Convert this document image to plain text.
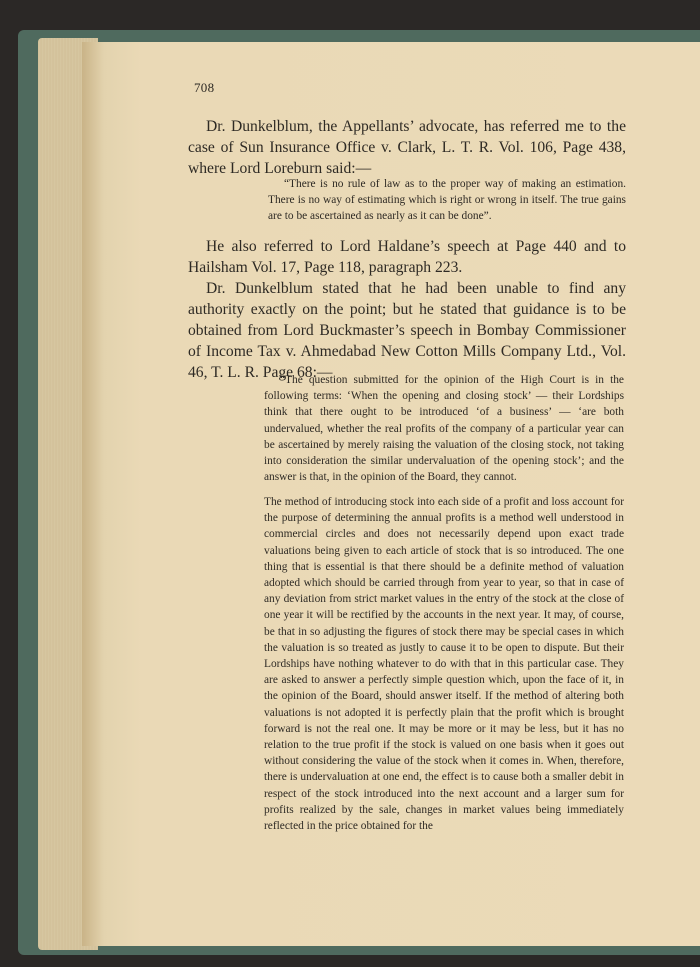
708

Dr. Dunkelblum, the Appellants’ advocate, has referred me to the case of Sun Insurance Office v. Clark, L. T. R. Vol. 106, Page 438, where Lord Loreburn said:—

“There is no rule of law as to the proper way of making an estimation. There is no way of estimating which is right or wrong in itself. The true gains are to be ascertained as nearly as it can be done”.

He also referred to Lord Haldane’s speech at Page 440 and to Hailsham Vol. 17, Page 118, paragraph 223.

Dr. Dunkelblum stated that he had been unable to find any authority exactly on the point; but he stated that guidance is to be obtained from Lord Buckmaster’s speech in Bombay Commissioner of Income Tax v. Ahmedabad New Cotton Mills Company Ltd., Vol. 46, T. L. R. Page 68:—

“The question submitted for the opinion of the High Court is in the following terms: ‘When the opening and closing stock’ — their Lordships think that there ought to be introduced ‘of a business’ — ‘are both undervalued, whether the real profits of the company of a particular year can be ascertained by merely raising the valuation of the closing stock, not taking into consideration the similar undervaluation of the opening stock’; and the answer is that, in the opinion of the Board, they cannot.

The method of introducing stock into each side of a profit and loss account for the purpose of determining the annual profits is a method well understood in commercial circles and does not necessarily depend upon exact trade valuations being given to each article of stock that is so introduced. The one thing that is essential is that there should be a definite method of valuation adopted which should be carried through from year to year, so that in case of any deviation from strict market values in the entry of the stock at the close of one year it will be rectified by the accounts in the next year. It may, of course, be that in so adjusting the figures of stock there may be special cases in which the valuation is so treated as justly to cause it to be open to dispute. But their Lordships have nothing whatever to do with that in this particular case. They are asked to answer a perfectly simple question which, upon the face of it, in the opinion of the Board, should answer itself. If the method of altering both valuations is not adopted it is perfectly plain that the profit which is brought forward is not the real one. It may be more or it may be less, but it has no relation to the true profit if the stock is valued on one basis when it goes out without considering the value of the stock when it comes in. When, therefore, there is undervaluation at one end, the effect is to cause both a smaller debit in respect of the stock introduced into the next account and a larger sum for profits realized by the sale, changes in market values being immediately reflected in the price obtained for the
